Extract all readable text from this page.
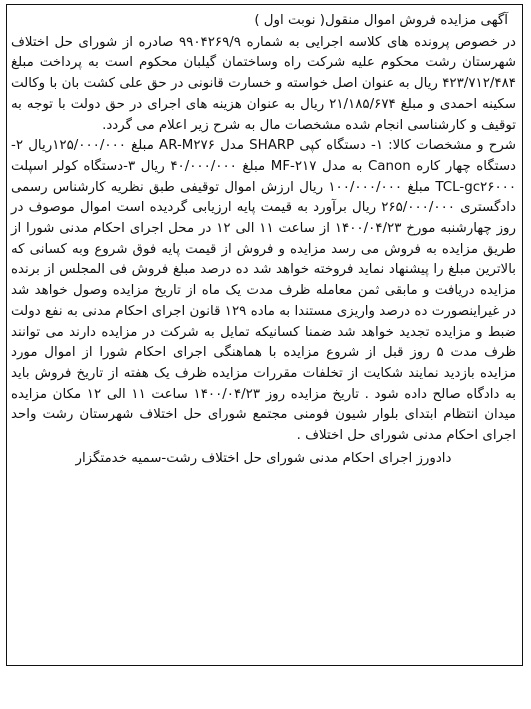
آگهی مزایده فروش اموال منقول( نوبت اول )

در خصوص پرونده های کلاسه اجرایی به شماره ۹۹۰۴۲۶۹/۹ صادره از شورای حل اختلاف شهرستان رشت محکوم علیه شرکت راه وساختمان گیلبان محکوم است به پرداخت مبلغ ۴۲۳/۷۱۲/۴۸۴ ریال به عنوان اصل خواسته و خسارت قانونی در حق علی کشت بان با وکالت سکینه احمدی و مبلغ ۲۱/۱۸۵/۶۷۴ ریال به عنوان هزینه های اجرای در حق دولت با توجه به توقیف و کارشناسی انجام شده مشخصات مال به شرح زیر اعلام می گردد.

شرح و مشخصات کالا: ۱- دستگاه کپی SHARP مدل AR-M۲۷۶ مبلغ ۱۲۵/۰۰۰/۰۰۰ریال ۲-دستگاه چهار کاره Canon به مدل MF-۲۱۷ مبلغ ۴۰/۰۰۰/۰۰۰ ریال ۳-دستگاه کولر اسپلت TCL-gc۲۶۰۰۰ مبلغ ۱۰۰/۰۰۰/۰۰۰ ریال ارزش اموال توقیفی طبق نظریه کارشناس رسمی دادگستری ۲۶۵/۰۰۰/۰۰۰ ریال برآورد به قیمت پایه ارزیابی گردیده است اموال موصوف در روز چهارشنبه مورخ ۱۴۰۰/۰۴/۲۳ از ساعت ۱۱ الی ۱۲ در محل اجرای احکام مدنی شورا از طریق مزایده به فروش می رسد مزایده و فروش از قیمت پایه فوق شروع وبه کسانی که بالاترین مبلغ را پیشنهاد نماید فروخته خواهد شد ده درصد مبلغ فروش فی المجلس از برنده مزایده دریافت و مابقی ثمن معامله ظرف مدت یک ماه از تاریخ مزایده وصول خواهد شد در غیراینصورت ده درصد واریزی مستندا به ماده ۱۲۹ قانون اجرای احکام مدنی به نفع دولت ضبط و مزایده تجدید خواهد شد ضمنا کسانیکه تمایل به شرکت در مزایده دارند می توانند ظرف مدت ۵ روز قبل از شروع مزایده با هماهنگی اجرای احکام شورا از اموال مورد مزایده بازدید نمایند شکایت از تخلفات مقررات مزایده ظرف یک هفته از تاریخ فروش باید به دادگاه صالح داده شود . تاریخ مزایده روز ۱۴۰۰/۰۴/۲۳ ساعت ۱۱ الی ۱۲ مکان مزایده میدان انتظام ابتدای بلوار شیون فومنی مجتمع شورای حل اختلاف شهرستان رشت واحد اجرای احکام مدنی شورای حل اختلاف .

دادورز اجرای احکام مدنی شورای حل اختلاف رشت-سمیه خدمتگزار
